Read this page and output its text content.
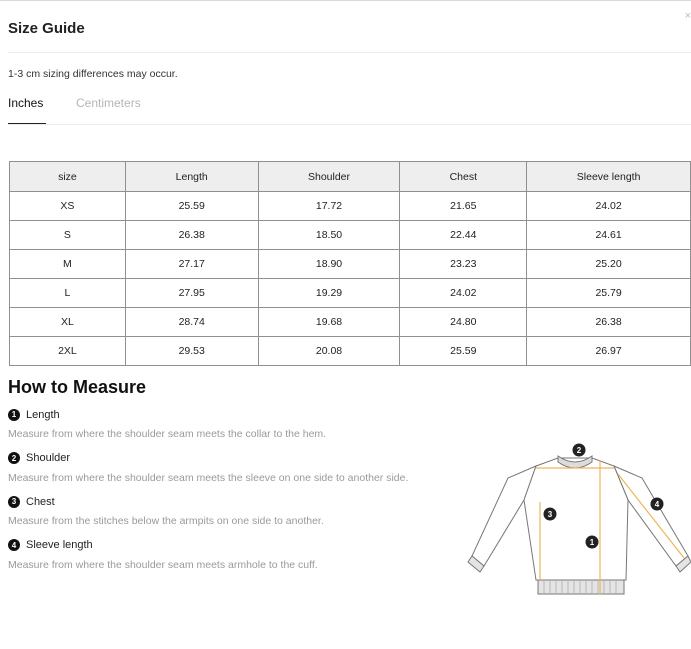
×
Size Guide
1-3 cm sizing differences may occur.
Inches	Centimeters
size	Length	Shoulder	Chest	Sleeve length
XS	25.59	17.72	21.65	24.02
S	26.38	18.50	22.44	24.61
M	27.17	18.90	23.23	25.20
L	27.95	19.29	24.02	25.79
XL	28.74	19.68	24.80	26.38
2XL	29.53	20.08	25.59	26.97
How to Measure
1 Length
Measure from where the shoulder seam meets the collar to the hem.
2 Shoulder
Measure from where the shoulder seam meets the sleeve on one side to another side.
3 Chest
Measure from the stitches below the armpits on one side to another.
4 Sleeve length
Measure from where the shoulder seam meets armhole to the cuff.
2
3
1
4
